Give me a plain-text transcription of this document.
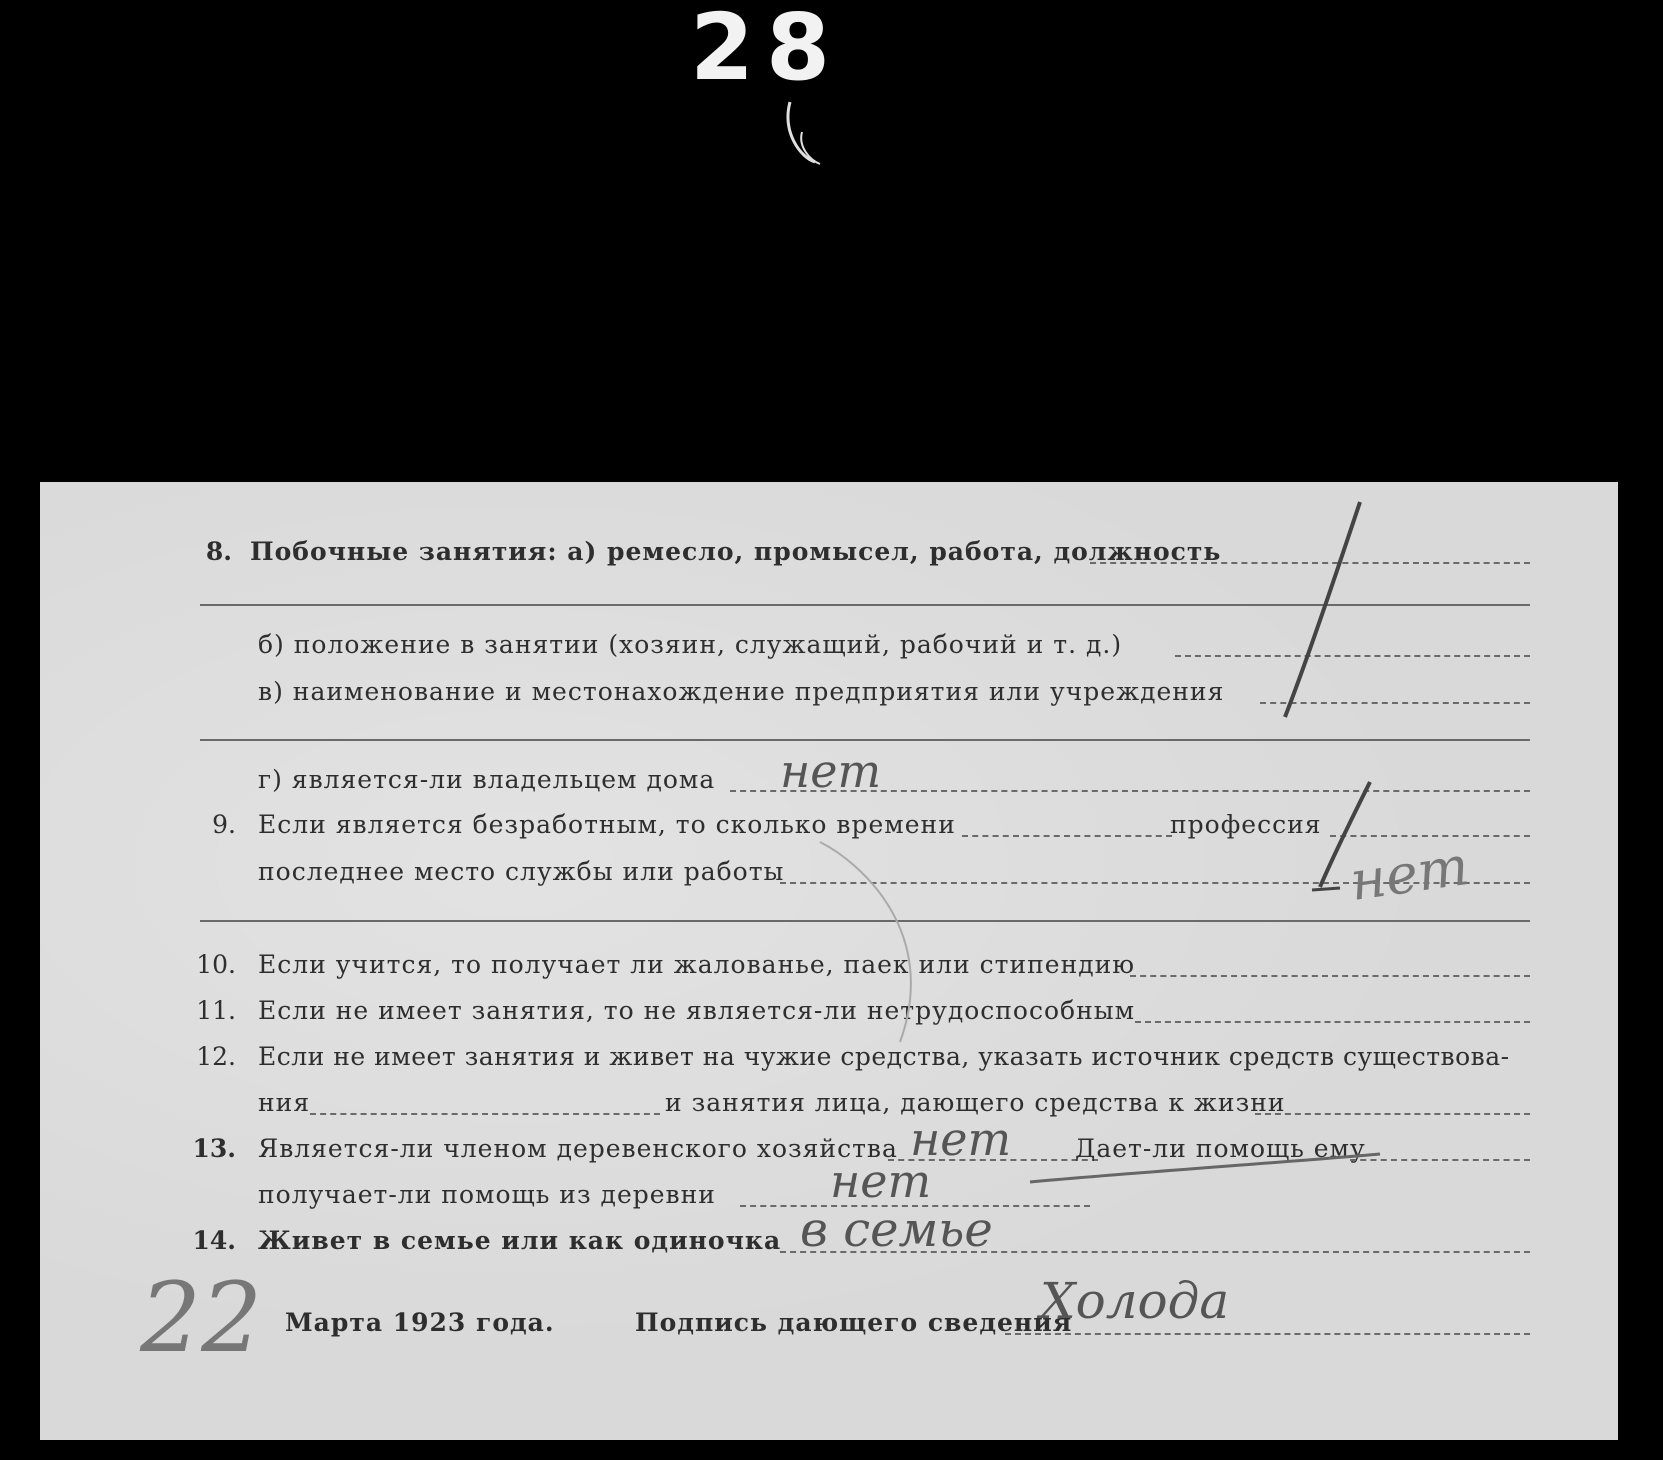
28
8. Побочные занятия: а) ремесло, промысел, работа, должность
б) положение в занятии (хозяин, служащий, рабочий и т. д.)
в) наименование и местонахождение предприятия или учреждения
г) является-ли владельцем дома нет
9. Если является безработным, то сколько времени	профессия
последнее место службы или работы	нет
10. Если учится, то получает ли жалованье, паек или стипендию
11. Если не имеет занятия, то не является-ли нетрудоспособным
12. Если не имеет занятия и живет на чужие средства, указать источник средств существова-
ния	и занятия лица, дающего средства к жизни
13. Является-ли членом деревенского хозяйства нет	Дает-ли помощь ему
получает-ли помощь из деревни нет
14. Живет в семье или как одиночка в семье
22 Марта 1923 года.	Подпись дающего сведения
Холода
